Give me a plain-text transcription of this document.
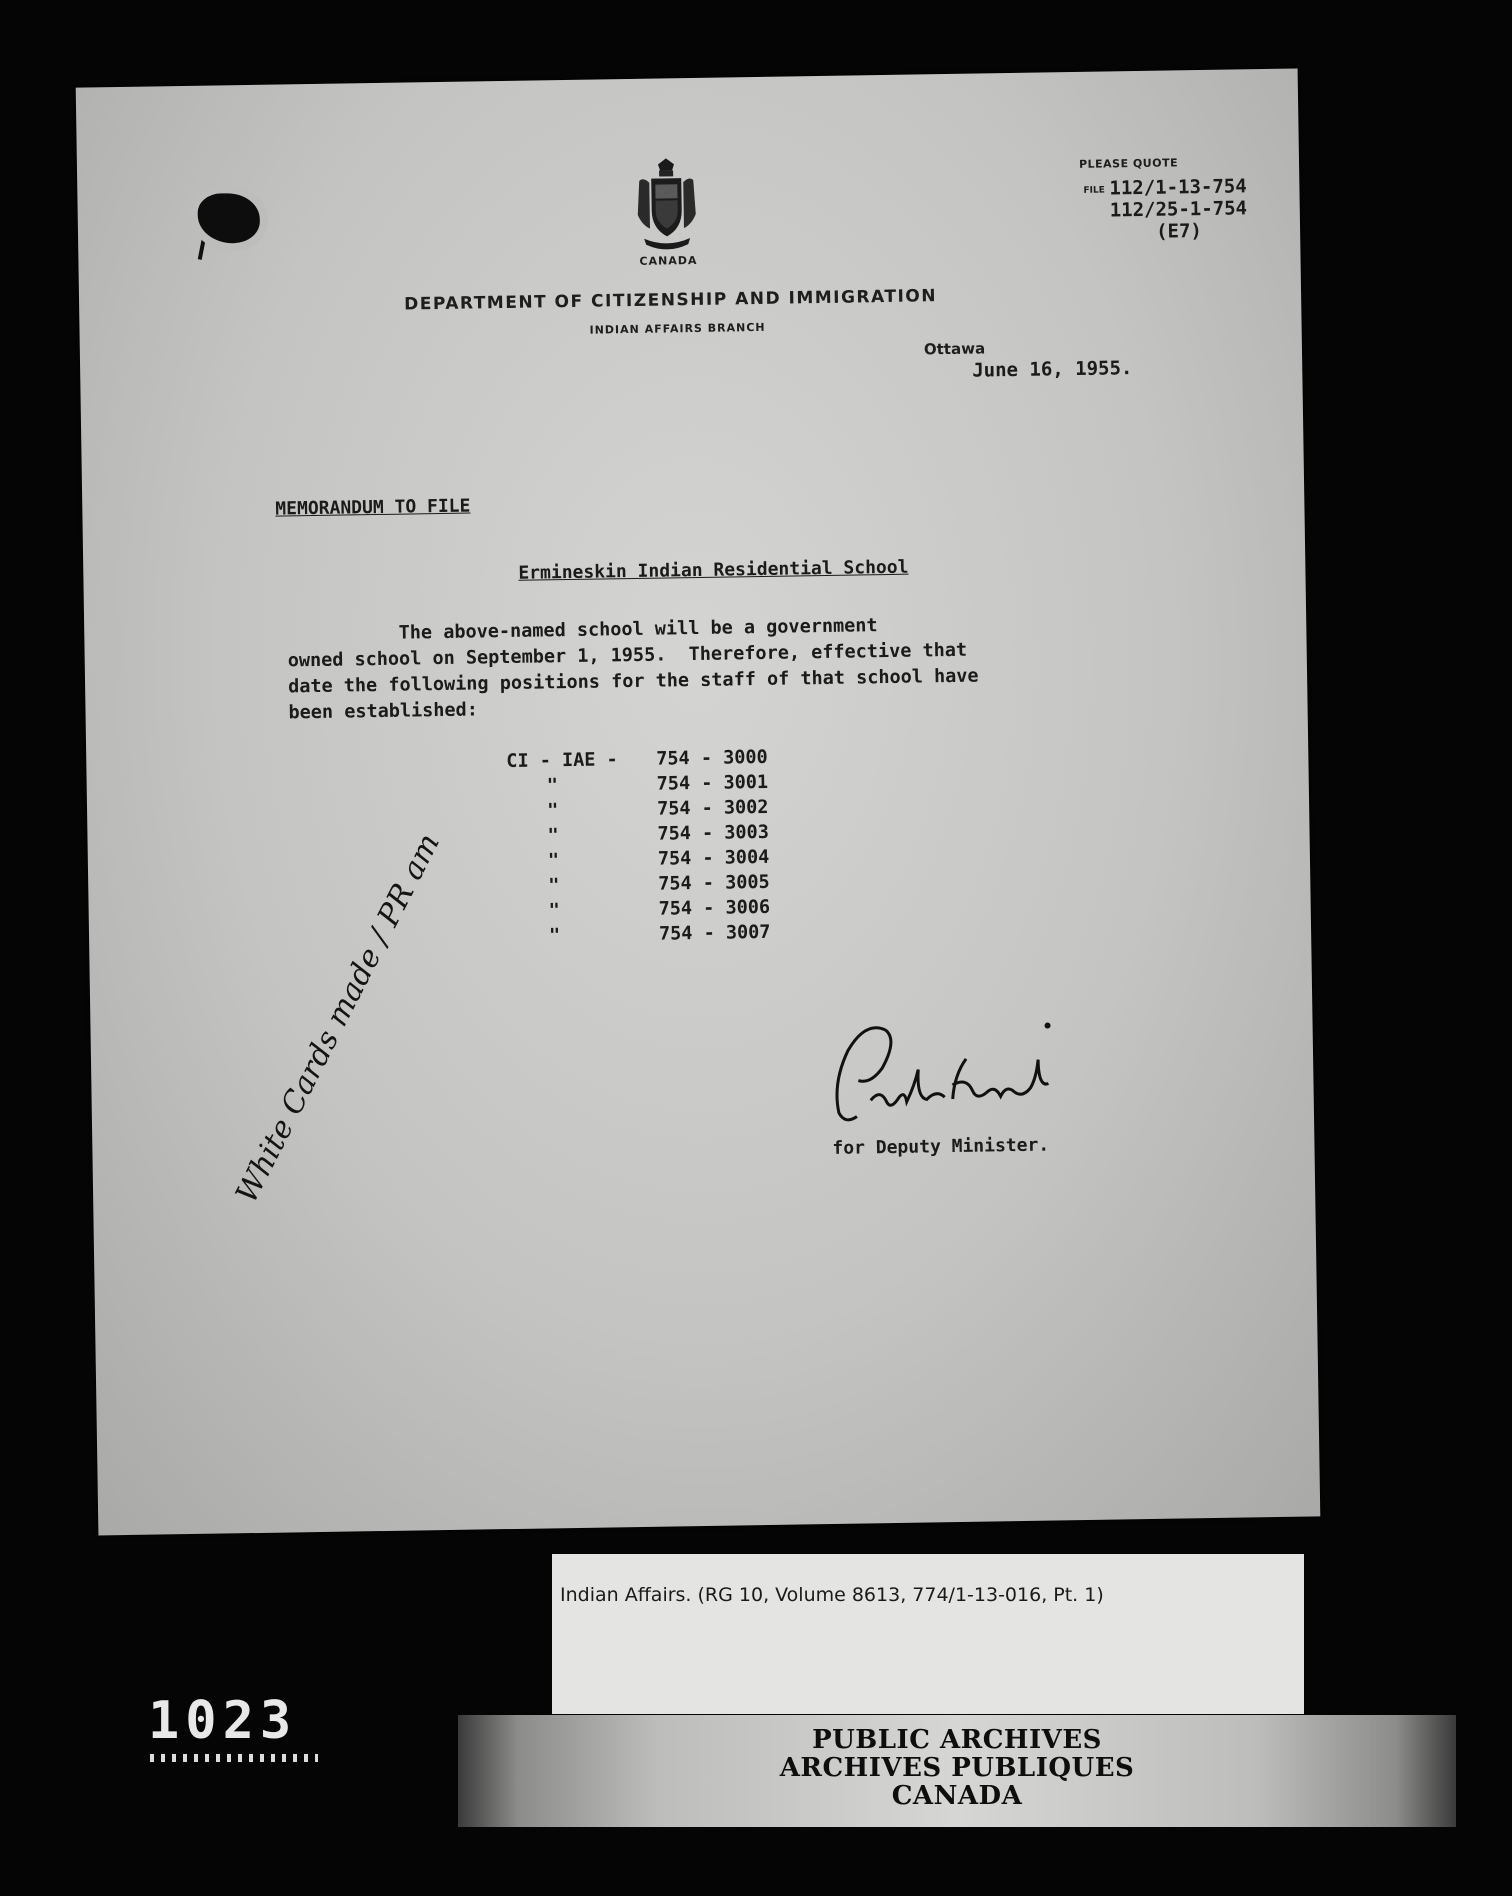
CANADA
DEPARTMENT OF CITIZENSHIP AND IMMIGRATION
INDIAN AFFAIRS BRANCH
PLEASE QUOTE
FILE 112/1-13-754
112/25-1-754
(E7)
Ottawa
June 16, 1955.
MEMORANDUM TO FILE
Ermineskin Indian Residential School
The above-named school will be a government
owned school on September 1, 1955.  Therefore, effective that
date the following positions for the staff of that school have
been established:
CI - IAE -	754 - 3000
"	754 - 3001
"	754 - 3002
"	754 - 3003
"	754 - 3004
"	754 - 3005
"	754 - 3006
"	754 - 3007
for Deputy Minister.
White Cards made / PR am
Indian Affairs. (RG 10, Volume 8613, 774/1-13-016, Pt. 1)
PUBLIC ARCHIVES
ARCHIVES PUBLIQUES
CANADA
1023
